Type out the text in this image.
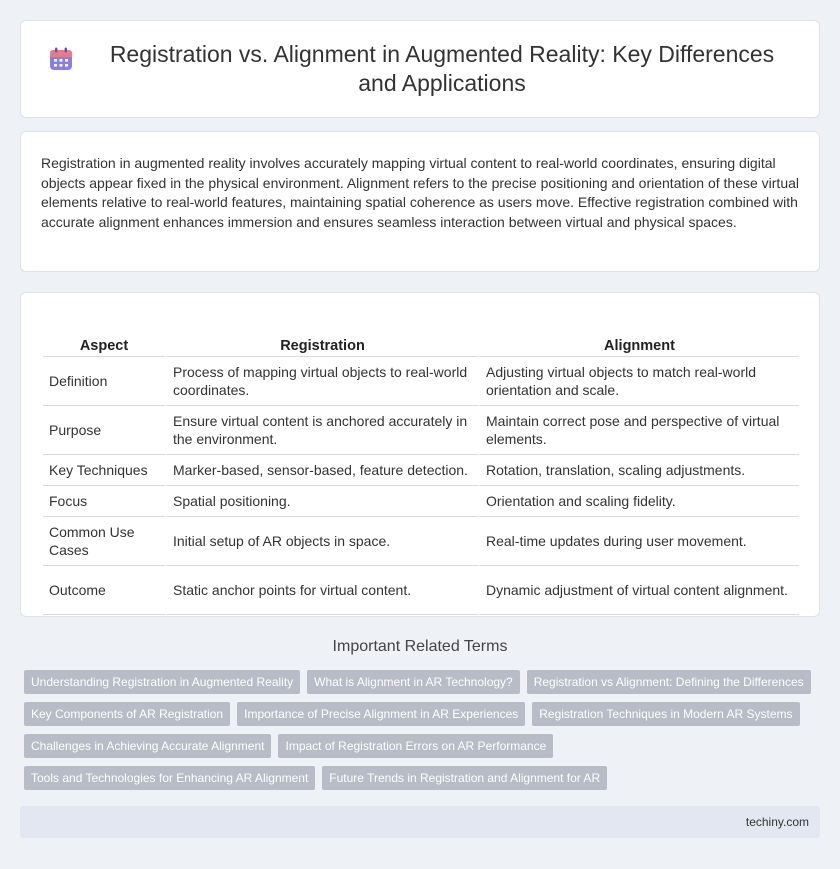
Registration vs. Alignment in Augmented Reality: Key Differences and Applications

Registration in augmented reality involves accurately mapping virtual content to real-world coordinates, ensuring digital objects appear fixed in the physical environment. Alignment refers to the precise positioning and orientation of these virtual elements relative to real-world features, maintaining spatial coherence as users move. Effective registration combined with accurate alignment enhances immersion and ensures seamless interaction between virtual and physical spaces.

Aspect	Registration	Alignment
Definition	Process of mapping virtual objects to real-world coordinates.	Adjusting virtual objects to match real-world orientation and scale.
Purpose	Ensure virtual content is anchored accurately in the environment.	Maintain correct pose and perspective of virtual elements.
Key Techniques	Marker-based, sensor-based, feature detection.	Rotation, translation, scaling adjustments.
Focus	Spatial positioning.	Orientation and scaling fidelity.
Common Use Cases	Initial setup of AR objects in space.	Real-time updates during user movement.
Outcome	Static anchor points for virtual content.	Dynamic adjustment of virtual content alignment.
Important Related Terms
Understanding Registration in Augmented Reality	What is Alignment in AR Technology?	Registration vs Alignment: Defining the Differences
Key Components of AR Registration	Importance of Precise Alignment in AR Experiences	Registration Techniques in Modern AR Systems
Challenges in Achieving Accurate Alignment	Impact of Registration Errors on AR Performance
Tools and Technologies for Enhancing AR Alignment	Future Trends in Registration and Alignment for AR
techiny.com
